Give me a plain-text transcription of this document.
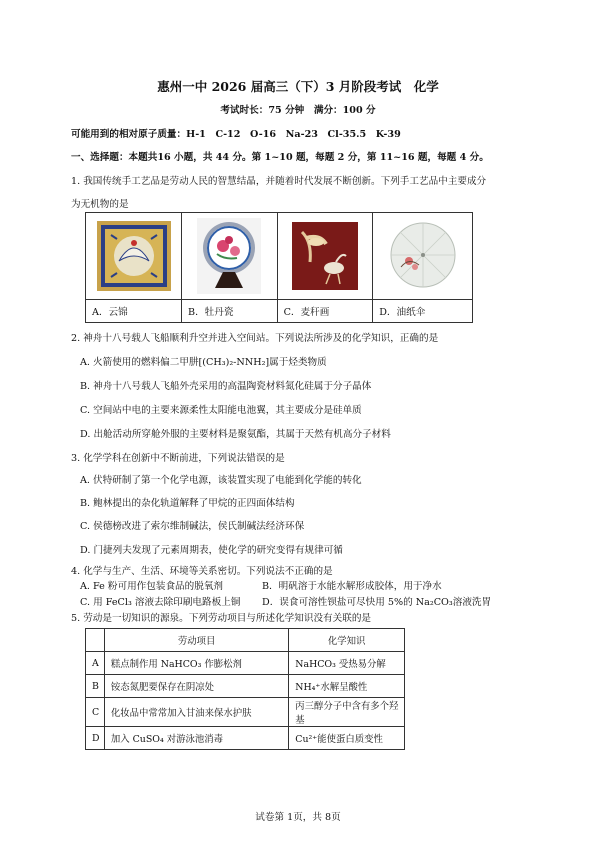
惠州一中 2026 届高三（下）3 月阶段考试　化学
考试时长：75 分钟　满分：100 分
可能用到的相对原子质量：H-1　C-12　O-16　Na-23　Cl-35.5　K-39
一、选择题：本题共16 小题，共 44 分。第 1~10 题，每题 2 分，第 11~16 题，每题 4 分。
1. 我国传统手工艺品是劳动人民的智慧结晶，并随着时代发展不断创新。下列手工艺品中主要成分
为无机物的是

A．云锦	B．牡丹瓷	C．麦秆画	D．油纸伞
2. 神舟十八号载人飞船顺利升空并进入空间站。下列说法所涉及的化学知识，正确的是
A. 火箭使用的燃料偏二甲肼[(CH₃)₂-NNH₂]属于烃类物质
B. 神舟十八号载人飞船外壳采用的高温陶瓷材料氮化硅属于分子晶体
C. 空间站中电的主要来源柔性太阳能电池翼，其主要成分是硅单质
D. 出舱活动所穿舱外服的主要材料是聚氨酯，其属于天然有机高分子材料
3. 化学学科在创新中不断前进，下列说法错误的是
A. 伏特研制了第一个化学电源，该装置实现了电能到化学能的转化
B. 鲍林提出的杂化轨道解释了甲烷的正四面体结构
C. 侯德榜改进了索尔维制碱法，侯氏制碱法经济环保
D. 门捷列夫发现了元素周期表，使化学的研究变得有规律可循
4. 化学与生产、生活、环境等关系密切。下列说法不正确的是
A. Fe 粉可用作包装食品的脱氧剂	B．明矾溶于水能水解形成胶体，用于净水
C. 用 FeCl₃ 溶液去除印刷电路板上铜 D．误食可溶性钡盐可尽快用 5%的 Na₂CO₃溶液洗胃
5. 劳动是一切知识的源泉。下列劳动项目与所述化学知识没有关联的是
	劳动项目	化学知识
A	糕点制作用 NaHCO₃ 作膨松剂	NaHCO₃ 受热易分解
B	铵态氮肥要保存在阴凉处	NH₄⁺水解呈酸性
C	化妆品中常常加入甘油来保水护肤	丙三醇分子中含有多个羟基
D	加入 CuSO₄ 对游泳池消毒	Cu²⁺能使蛋白质变性
试卷第 1页，共 8页
